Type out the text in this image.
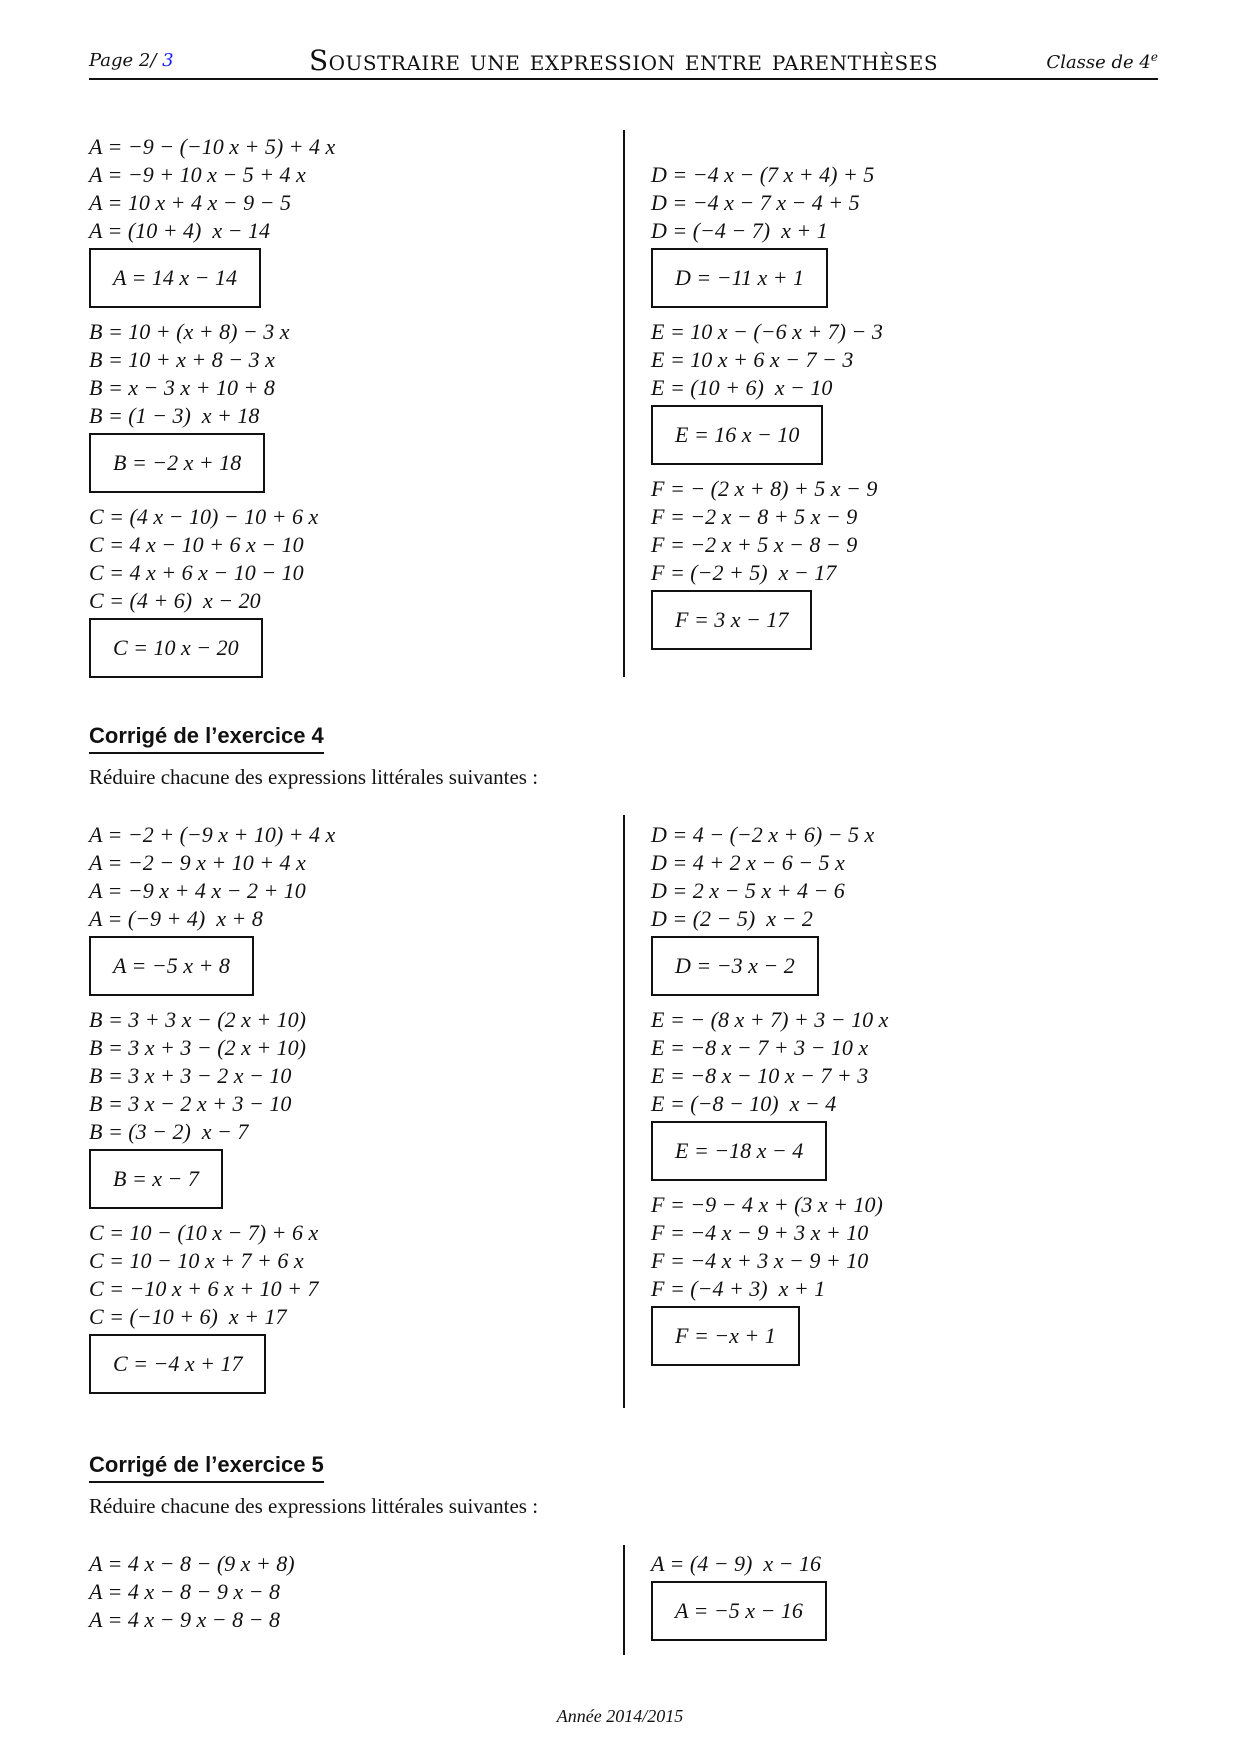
Page 2/ 3	Soustraire une expression entre parenthèses	Classe de 4e
A = −9 − (−10 x + 5) + 4 x
A = −9 + 10 x − 5 + 4 x
A = 10 x + 4 x − 9 − 5
A = (10 + 4)  x − 14
A = 14 x − 14
B = 10 + (x + 8) − 3 x
B = 10 + x + 8 − 3 x
B = x − 3 x + 10 + 8
B = (1 − 3)  x + 18
B = −2 x + 18
C = (4 x − 10) − 10 + 6 x
C = 4 x − 10 + 6 x − 10
C = 4 x + 6 x − 10 − 10
C = (4 + 6)  x − 20
C = 10 x − 20
D = −4 x − (7 x + 4) + 5
D = −4 x − 7 x − 4 + 5
D = (−4 − 7)  x + 1
D = −11 x + 1
E = 10 x − (−6 x + 7) − 3
E = 10 x + 6 x − 7 − 3
E = (10 + 6)  x − 10
E = 16 x − 10
F = − (2 x + 8) + 5 x − 9
F = −2 x − 8 + 5 x − 9
F = −2 x + 5 x − 8 − 9
F = (−2 + 5)  x − 17
F = 3 x − 17
Corrigé de l’exercice 4
Réduire chacune des expressions littérales suivantes :
A = −2 + (−9 x + 10) + 4 x
A = −2 − 9 x + 10 + 4 x
A = −9 x + 4 x − 2 + 10
A = (−9 + 4)  x + 8
A = −5 x + 8
B = 3 + 3 x − (2 x + 10)
B = 3 x + 3 − (2 x + 10)
B = 3 x + 3 − 2 x − 10
B = 3 x − 2 x + 3 − 10
B = (3 − 2)  x − 7
B = x − 7
C = 10 − (10 x − 7) + 6 x
C = 10 − 10 x + 7 + 6 x
C = −10 x + 6 x + 10 + 7
C = (−10 + 6)  x + 17
C = −4 x + 17
D = 4 − (−2 x + 6) − 5 x
D = 4 + 2 x − 6 − 5 x
D = 2 x − 5 x + 4 − 6
D = (2 − 5)  x − 2
D = −3 x − 2
E = − (8 x + 7) + 3 − 10 x
E = −8 x − 7 + 3 − 10 x
E = −8 x − 10 x − 7 + 3
E = (−8 − 10)  x − 4
E = −18 x − 4
F = −9 − 4 x + (3 x + 10)
F = −4 x − 9 + 3 x + 10
F = −4 x + 3 x − 9 + 10
F = (−4 + 3)  x + 1
F = −x + 1
Corrigé de l’exercice 5
Réduire chacune des expressions littérales suivantes :
A = 4 x − 8 − (9 x + 8)
A = 4 x − 8 − 9 x − 8
A = 4 x − 9 x − 8 − 8
A = (4 − 9)  x − 16
A = −5 x − 16
Année 2014/2015
